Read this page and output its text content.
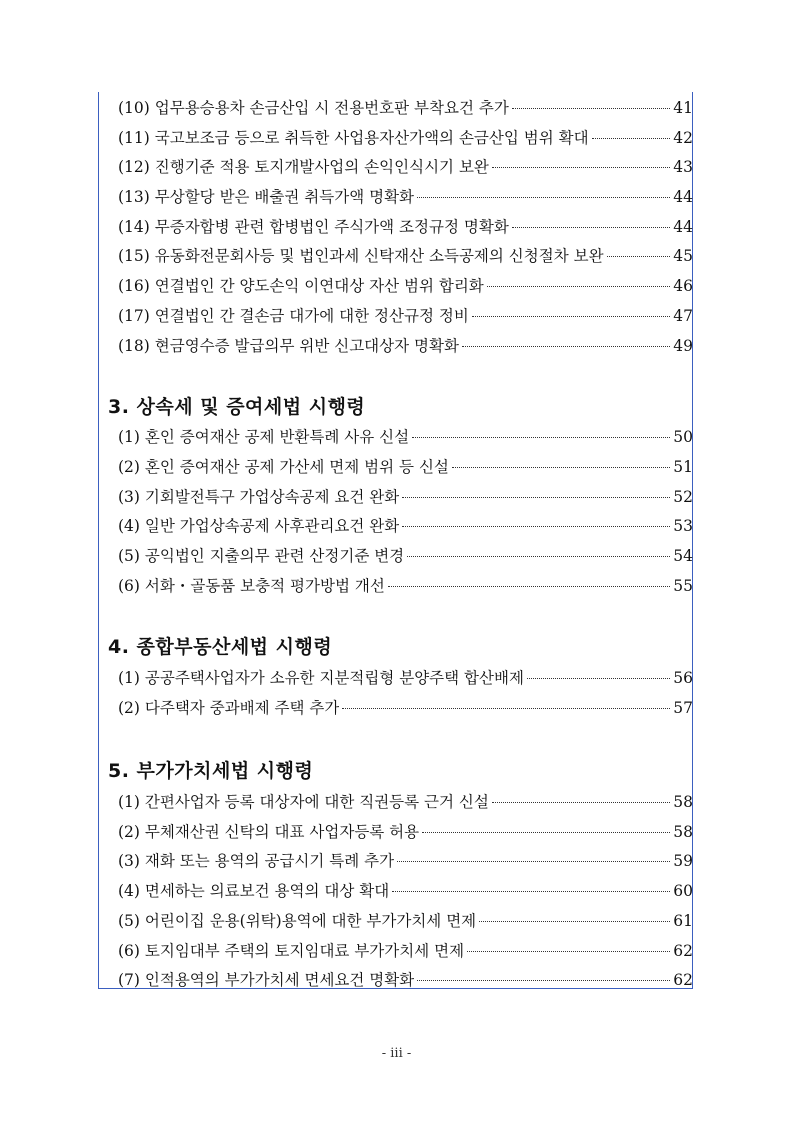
(10) 업무용승용차 손금산입 시 전용번호판 부착요건 추가	41
(11) 국고보조금 등으로 취득한 사업용자산가액의 손금산입 범위 확대	42
(12) 진행기준 적용 토지개발사업의 손익인식시기 보완	43
(13) 무상할당 받은 배출권 취득가액 명확화	44
(14) 무증자합병 관련 합병법인 주식가액 조정규정 명확화	44
(15) 유동화전문회사등 및 법인과세 신탁재산 소득공제의 신청절차 보완	45
(16) 연결법인 간 양도손익 이연대상 자산 범위 합리화	46
(17) 연결법인 간 결손금 대가에 대한 정산규정 정비	47
(18) 현금영수증 발급의무 위반 신고대상자 명확화	49
3. 상속세 및 증여세법 시행령
(1) 혼인 증여재산 공제 반환특례 사유 신설	50
(2) 혼인 증여재산 공제 가산세 면제 범위 등 신설	51
(3) 기회발전특구 가업상속공제 요건 완화	52
(4) 일반 가업상속공제 사후관리요건 완화	53
(5) 공익법인 지출의무 관련 산정기준 변경	54
(6) 서화・골동품 보충적 평가방법 개선	55
4. 종합부동산세법 시행령
(1) 공공주택사업자가 소유한 지분적립형 분양주택 합산배제	56
(2) 다주택자 중과배제 주택 추가	57
5. 부가가치세법 시행령
(1) 간편사업자 등록 대상자에 대한 직권등록 근거 신설	58
(2) 무체재산권 신탁의 대표 사업자등록 허용	58
(3) 재화 또는 용역의 공급시기 특례 추가	59
(4) 면세하는 의료보건 용역의 대상 확대	60
(5) 어린이집 운용(위탁)용역에 대한 부가가치세 면제	61
(6) 토지임대부 주택의 토지임대료 부가가치세 면제	62
(7) 인적용역의 부가가치세 면세요건 명확화	62
- iii -
